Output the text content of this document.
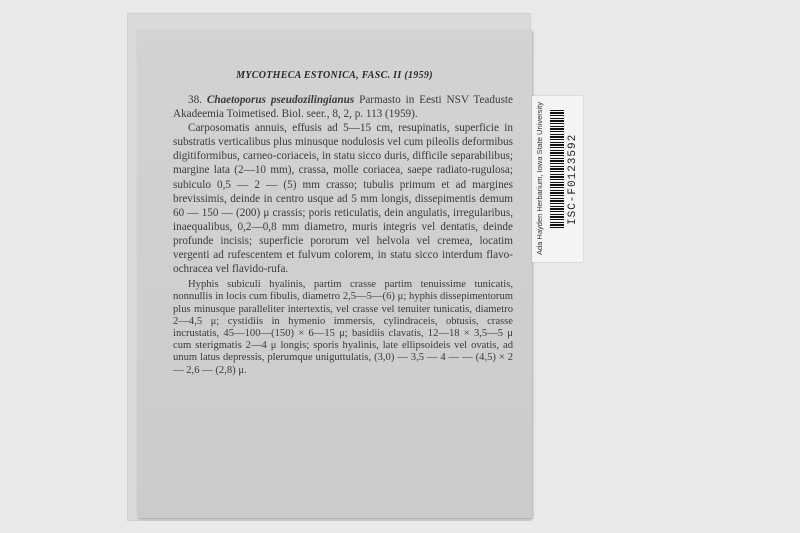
MYCOTHECA ESTONICA, FASC. II (1959)

38. Chaetoporus pseudozilingianus Parmasto in Eesti NSV Teaduste Akadeemia Toimetised. Biol. seer., 8, 2, p. 113 (1959).

Carposomatis annuis, effusis ad 5—15 cm, resupinatis, superficie in substratis verticalibus plus minusque nodulosis vel cum pileolis deformibus digitiformibus, carneo-coriaceis, in statu sicco duris, difficile separabilibus; margine lata (2—10 mm), crassa, molle coriacea, saepe radiato-rugulosa; subiculo 0,5 — 2 — (5) mm crasso; tubulis primum et ad margines brevissimis, deinde in centro usque ad 5 mm longis, dissepimentis demum 60 — 150 — (200) μ crassis; poris reticulatis, dein angulatis, irregularibus, inaequalibus, 0,2—0,8 mm diametro, muris integris vel dentatis, deinde profunde incisis; superficie pororum vel helvola vel cremea, locatim vergenti ad rufescentem et fulvum colorem, in statu sicco interdum flavo-ochracea vel flavido-rufa.

Hyphis subiculi hyalinis, partim crasse partim tenuissime tunicatis, nonnullis in locis cum fibulis, diametro 2,5—5—(6) μ; hyphis dissepimentorum plus minusque paralleliter intertextis, vel crasse vel tenuiter tunicatis, diametro 2—4,5 μ; cystidiis in hymenio immersis, cylindraceis, obtusis, crasse incrustatis, 45—100—(150) × 6—15 μ; basidiis clavatis, 12—18 × 3,5—5 μ cum sterigmatis 2—4 μ longis; sporis hyalinis, late ellipsoideis vel ovatis, ad unum latus depressis, plerumque uniguttulatis, (3,0) — 3,5 — 4 — — (4,5) × 2 — 2,6 — (2,8) μ.

Ada Hayden Herbarium, Iowa State University
ISC-F0123592
